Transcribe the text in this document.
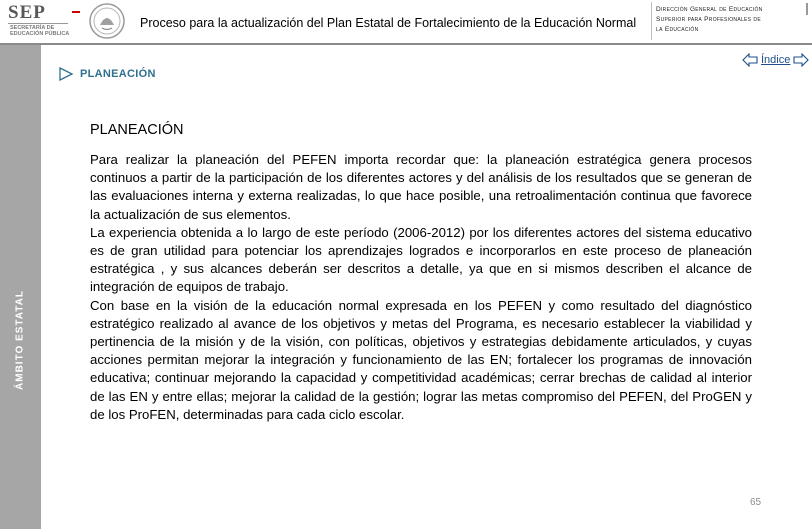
SEP
SECRETARÍA DE EDUCACIÓN PÚBLICA
Proceso para la actualización del Plan Estatal de Fortalecimiento de la Educación Normal
Dirección General de Educación
Superior para Profesionales de
la Educación
ÁMBITO ESTATAL
PLANEACIÓN
Índice
PLANEACIÓN

Para realizar la planeación del PEFEN importa recordar que: la planeación estratégica genera procesos continuos a partir de la participación de los diferentes actores y del análisis de los resultados que se generan de las evaluaciones interna y externa realizadas, lo que hace posible, una retroalimentación continua que favorece la actualización de sus elementos.

La experiencia obtenida a lo largo de este período (2006-2012) por los diferentes actores del sistema educativo es de gran utilidad para potenciar los aprendizajes logrados e incorporarlos en este proceso de planeación estratégica , y sus alcances deberán ser descritos a detalle, ya que en si mismos describen el alcance de integración de equipos de trabajo.

Con base en la visión de la educación normal expresada en los PEFEN y como resultado del diagnóstico estratégico realizado al avance de los objetivos y metas del Programa, es necesario establecer la viabilidad y pertinencia de la misión y de la visión, con políticas, objetivos y estrategias debidamente articulados, y cuyas acciones permitan mejorar la integración y funcionamiento de las EN; fortalecer los programas de innovación educativa; continuar mejorando la capacidad y competitividad académicas; cerrar brechas de calidad al interior de las EN y entre ellas; mejorar la calidad de la gestión; lograr las metas compromiso del PEFEN, del ProGEN y de los ProFEN, determinadas para cada ciclo escolar.

65
